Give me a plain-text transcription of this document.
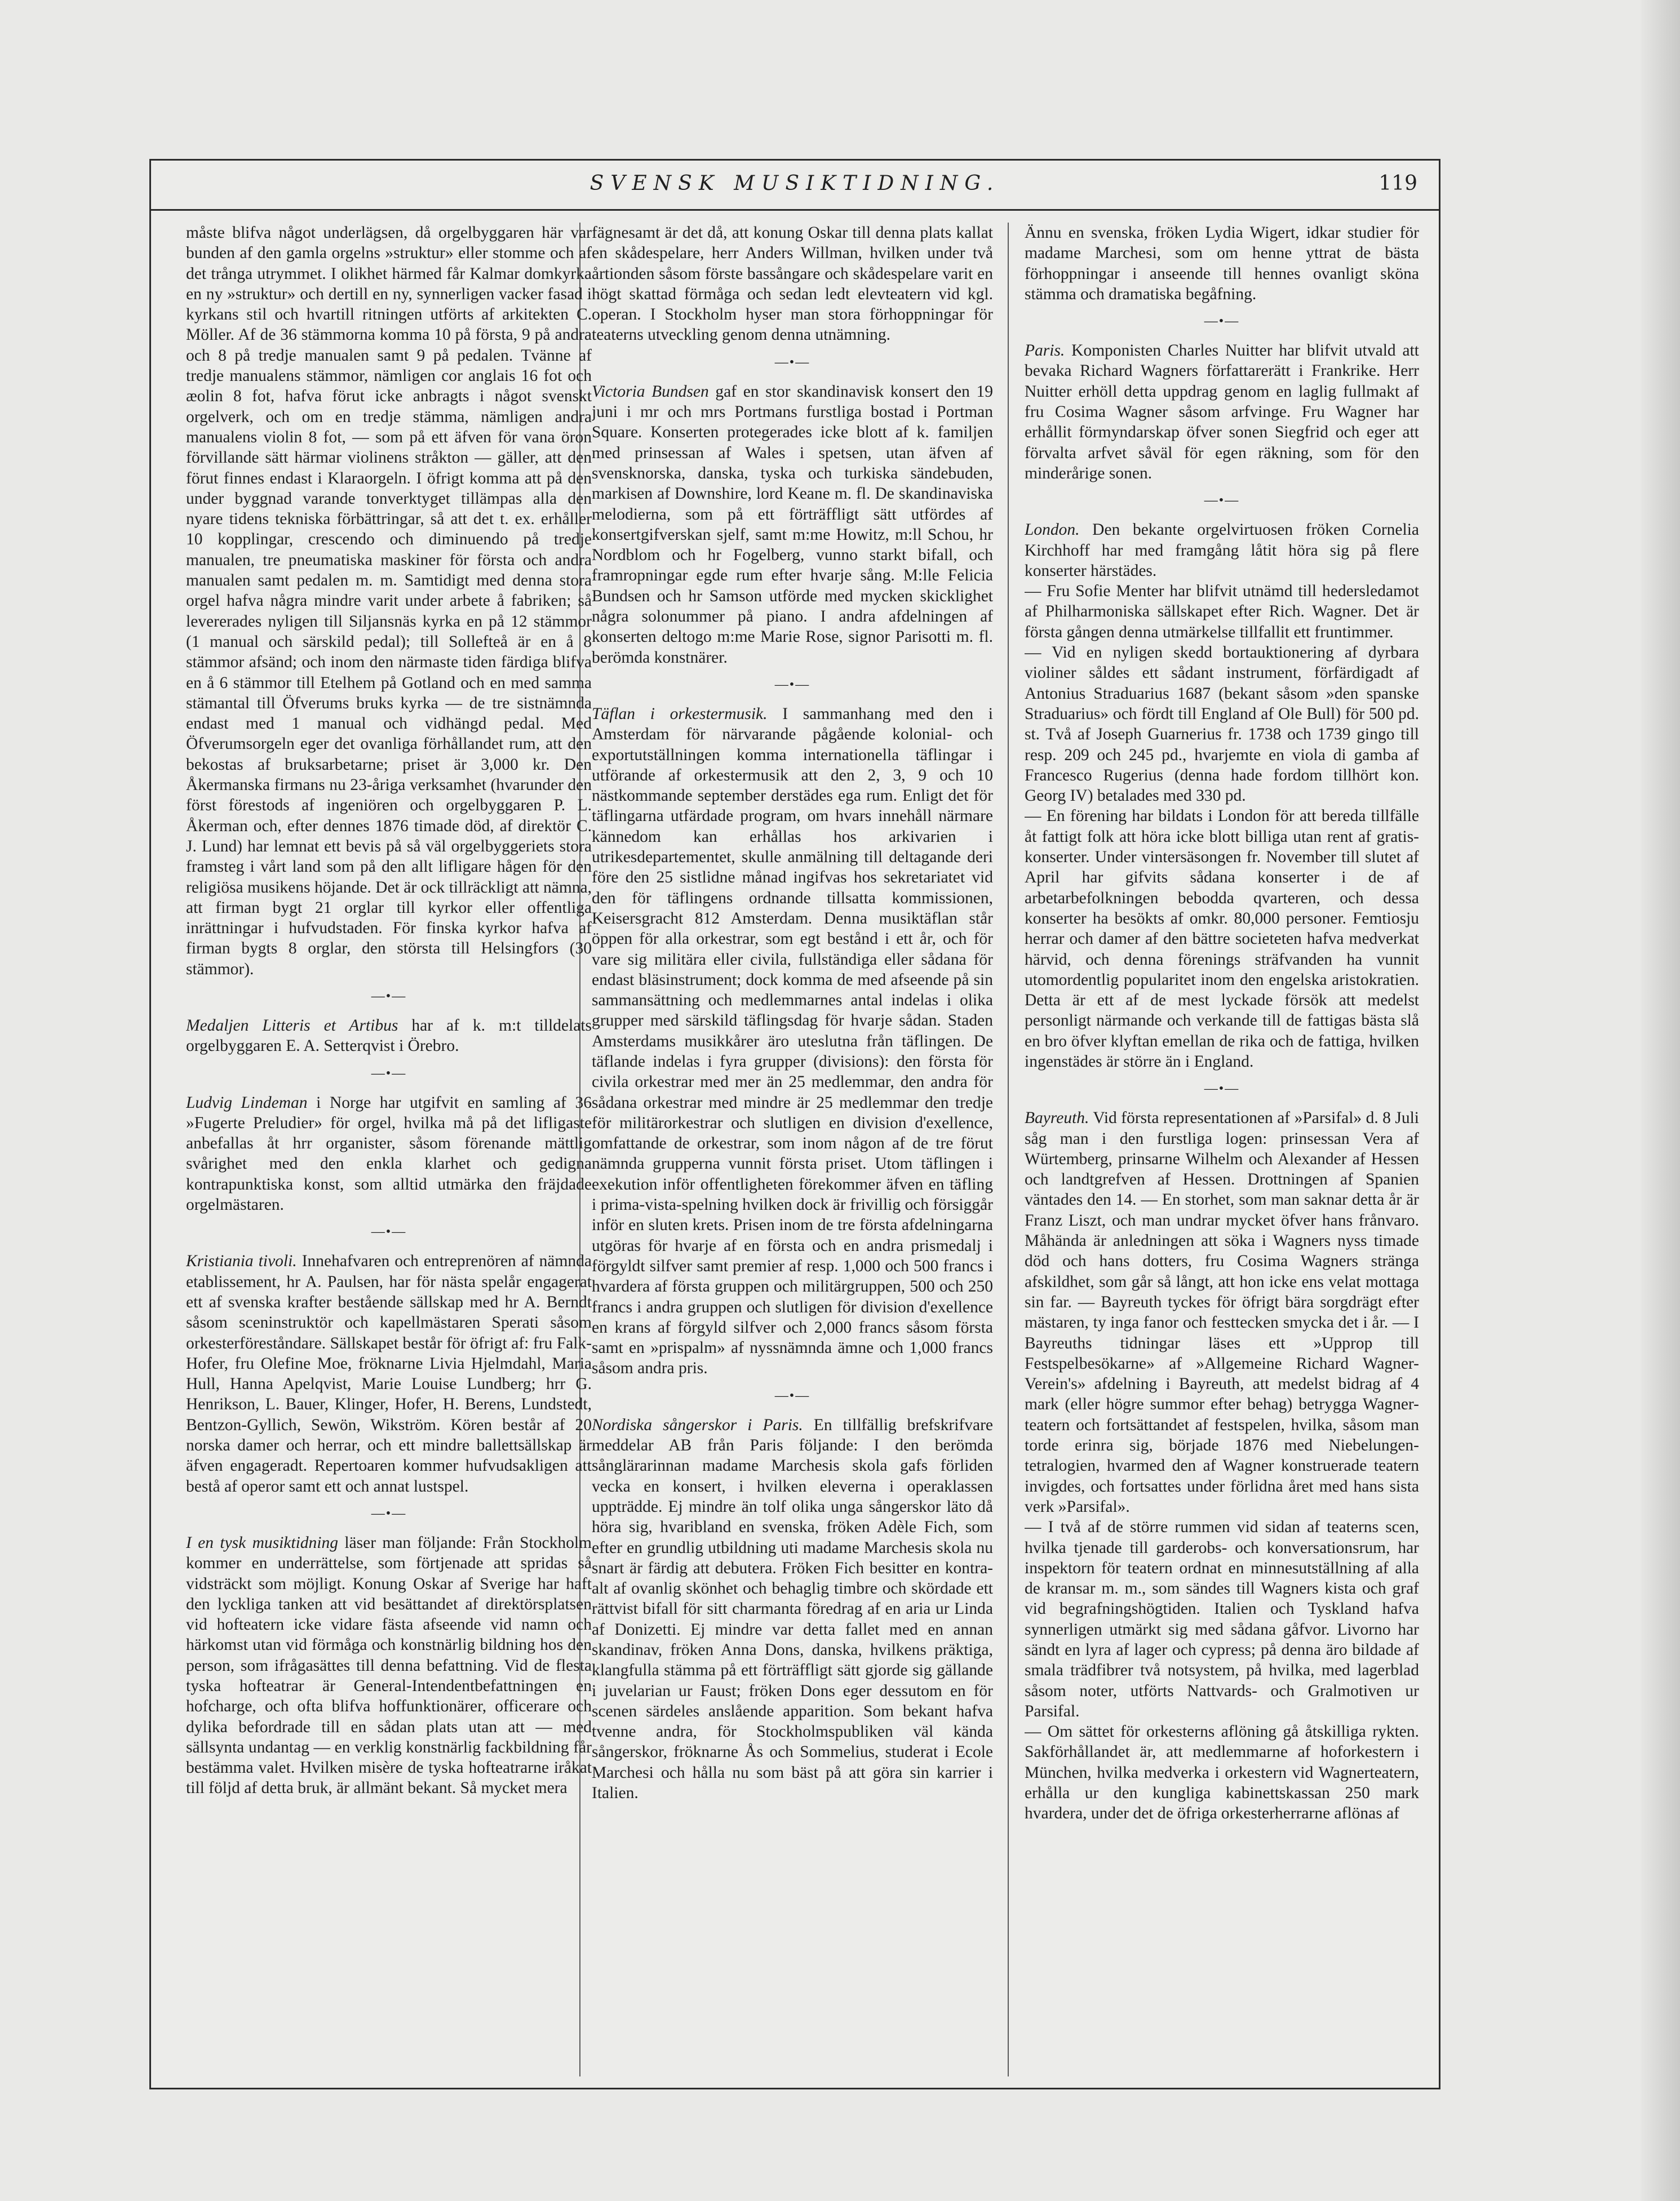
SVENSK MUSIKTIDNING.	119

måste blifva något underlägsen, då orgelbyggaren här var bunden af den gamla orgelns »struktur» eller stomme och af det trånga utrymmet. I olikhet härmed får Kalmar domkyrka en ny »struktur» och dertill en ny, synnerligen vacker fasad i kyrkans stil och hvartill ritningen utförts af arkitekten C. Möller. Af de 36 stämmorna komma 10 på första, 9 på andra och 8 på tredje manualen samt 9 på pedalen. Tvänne af tredje manualens stämmor, nämligen cor anglais 16 fot och æolin 8 fot, hafva förut icke anbragts i något svenskt orgelverk, och om en tredje stämma, nämligen andra manualens violin 8 fot, — som på ett äfven för vana öron förvillande sätt härmar violinens stråkton — gäller, att den förut finnes endast i Klaraorgeln. I öfrigt komma att på den under byggnad varande tonverktyget tillämpas alla den nyare tidens tekniska förbättringar, så att det t. ex. erhåller 10 kopplingar, crescendo och diminuendo på tredje manualen, tre pneumatiska maskiner för första och andra manualen samt pedalen m. m. Samtidigt med denna stora orgel hafva några mindre varit under arbete å fabriken; så levererades nyligen till Siljansnäs kyrka en på 12 stämmor (1 manual och särskild pedal); till Sollefteå är en å 8 stämmor afsänd; och inom den närmaste tiden färdiga blifva en å 6 stämmor till Etelhem på Gotland och en med samma stämantal till Öfverums bruks kyrka — de tre sistnämnda endast med 1 manual och vidhängd pedal. Med Öfverumsorgeln eger det ovanliga förhållandet rum, att den bekostas af bruksarbetarne; priset är 3,000 kr. Den Åkermanska firmans nu 23-åriga verksamhet (hvarunder den först förestods af ingeniören och orgelbyggaren P. L. Åkerman och, efter dennes 1876 timade död, af direktör C. J. Lund) har lemnat ett bevis på så väl orgelbyggeriets stora framsteg i vårt land som på den allt lifligare hågen för den religiösa musikens höjande. Det är ock tillräckligt att nämna, att firman bygt 21 orglar till kyrkor eller offentliga inrättningar i hufvudstaden. För finska kyrkor hafva af firman bygts 8 orglar, den största till Helsingfors (30 stämmor).

—•—

Medaljen Litteris et Artibus har af k. m:t tilldelats orgelbyggaren E. A. Setterqvist i Örebro.

—•—

Ludvig Lindeman i Norge har utgifvit en samling af 36 »Fugerte Preludier» för orgel, hvilka må på det lifligaste anbefallas åt hrr organister, såsom förenande mättlig svårighet med den enkla klarhet och gedigna kontrapunktiska konst, som alltid utmärka den fräjdade orgelmästaren.

—•—

Kristiania tivoli. Innehafvaren och entreprenören af nämnda etablissement, hr A. Paulsen, har för nästa spelår engagerat ett af svenska krafter bestående sällskap med hr A. Berndt såsom sceninstruktör och kapellmästaren Sperati såsom orkesterföreståndare. Sällskapet består för öfrigt af: fru Falk-Hofer, fru Olefine Moe, fröknarne Livia Hjelmdahl, Maria Hull, Hanna Apelqvist, Marie Louise Lundberg; hrr G. Henrikson, L. Bauer, Klinger, Hofer, H. Berens, Lundstedt, Bentzon-Gyllich, Sewön, Wikström. Kören består af 20 norska damer och herrar, och ett mindre ballettsällskap är äfven engageradt. Repertoaren kommer hufvudsakligen att bestå af operor samt ett och annat lustspel.

—•—

I en tysk musiktidning läser man följande: Från Stockholm kommer en underrättelse, som förtjenade att spridas så vidsträckt som möjligt. Konung Oskar af Sverige har haft den lyckliga tanken att vid besättandet af direktörsplatsen vid hofteatern icke vidare fästa afseende vid namn och härkomst utan vid förmåga och konstnärlig bildning hos den person, som ifrågasättes till denna befattning. Vid de flesta tyska hofteatrar är General-Intendentbefattningen en hofcharge, och ofta blifva hoffunktionärer, officerare och dylika befordrade till en sådan plats utan att — med sällsynta undantag — en verklig konstnärlig fackbildning får bestämma valet. Hvilken misère de tyska hofteatrarne iråkat till följd af detta bruk, är allmänt bekant. Så mycket mera

fägnesamt är det då, att konung Oskar till denna plats kallat en skådespelare, herr Anders Willman, hvilken under två årtionden såsom förste bassångare och skådespelare varit en högt skattad förmåga och sedan ledt elevteatern vid kgl. operan. I Stockholm hyser man stora förhoppningar för teaterns utveckling genom denna utnämning.

—•—

Victoria Bundsen gaf en stor skandinavisk konsert den 19 juni i mr och mrs Portmans furstliga bostad i Portman Square. Konserten protegerades icke blott af k. familjen med prinsessan af Wales i spetsen, utan äfven af svensknorska, danska, tyska och turkiska sändebuden, markisen af Downshire, lord Keane m. fl. De skandinaviska melodierna, som på ett förträffligt sätt utfördes af konsertgifverskan sjelf, samt m:me Howitz, m:ll Schou, hr Nordblom och hr Fogelberg, vunno starkt bifall, och framropningar egde rum efter hvarje sång. M:lle Felicia Bundsen och hr Samson utförde med mycken skicklighet några solonummer på piano. I andra afdelningen af konserten deltogo m:me Marie Rose, signor Parisotti m. fl. berömda konstnärer.

—•—

Täflan i orkestermusik. I sammanhang med den i Amsterdam för närvarande pågående kolonial- och exportutställningen komma internationella täflingar i utförande af orkestermusik att den 2, 3, 9 och 10 nästkommande september derstädes ega rum. Enligt det för täflingarna utfärdade program, om hvars innehåll närmare kännedom kan erhållas hos arkivarien i utrikesdepartementet, skulle anmälning till deltagande deri före den 25 sistlidne månad ingifvas hos sekretariatet vid den för täflingens ordnande tillsatta kommissionen, Keisersgracht 812 Amsterdam. Denna musiktäflan står öppen för alla orkestrar, som egt bestånd i ett år, och för vare sig militära eller civila, fullständiga eller sådana för endast bläsinstrument; dock komma de med afseende på sin sammansättning och medlemmarnes antal indelas i olika grupper med särskild täflingsdag för hvarje sådan. Staden Amsterdams musikkårer äro uteslutna från täflingen. De täflande indelas i fyra grupper (divisions): den första för civila orkestrar med mer än 25 medlemmar, den andra för sådana orkestrar med mindre är 25 medlemmar den tredje för militärorkestrar och slutligen en division d'exellence, omfattande de orkestrar, som inom någon af de tre förut nämnda grupperna vunnit första priset. Utom täflingen i exekution inför offentligheten förekommer äfven en täfling i prima-vista-spelning hvilken dock är frivillig och försiggår inför en sluten krets. Prisen inom de tre första afdelningarna utgöras för hvarje af en första och en andra prismedalj i förgyldt silfver samt premier af resp. 1,000 och 500 francs i hvardera af första gruppen och militärgruppen, 500 och 250 francs i andra gruppen och slutligen för division d'exellence en krans af förgyld silfver och 2,000 francs såsom första samt en »prispalm» af nyssnämnda ämne och 1,000 francs såsom andra pris.

—•—

Nordiska sångerskor i Paris. En tillfällig brefskrifvare meddelar AB från Paris följande: I den berömda sånglärarinnan madame Marchesis skola gafs förliden vecka en konsert, i hvilken eleverna i operaklassen uppträdde. Ej mindre än tolf olika unga sångerskor läto då höra sig, hvaribland en svenska, fröken Adèle Fich, som efter en grundlig utbildning uti madame Marchesis skola nu snart är färdig att debutera. Fröken Fich besitter en kontra-alt af ovanlig skönhet och behaglig timbre och skördade ett rättvist bifall för sitt charmanta föredrag af en aria ur Linda af Donizetti. Ej mindre var detta fallet med en annan skandinav, fröken Anna Dons, danska, hvilkens präktiga, klangfulla stämma på ett förträffligt sätt gjorde sig gällande i juvelarian ur Faust; fröken Dons eger dessutom en för scenen särdeles anslående apparition. Som bekant hafva tvenne andra, för Stockholmspubliken väl kända sångerskor, fröknarne Ås och Sommelius, studerat i Ecole Marchesi och hålla nu som bäst på att göra sin karrier i Italien.

Ännu en svenska, fröken Lydia Wigert, idkar studier för madame Marchesi, som om henne yttrat de bästa förhoppningar i anseende till hennes ovanligt sköna stämma och dramatiska begåfning.

—•—

Paris. Komponisten Charles Nuitter har blifvit utvald att bevaka Richard Wagners författarerätt i Frankrike. Herr Nuitter erhöll detta uppdrag genom en laglig fullmakt af fru Cosima Wagner såsom arfvinge. Fru Wagner har erhållit förmyndarskap öfver sonen Siegfrid och eger att förvalta arfvet såväl för egen räkning, som för den minderårige sonen.

—•—

London. Den bekante orgelvirtuosen fröken Cornelia Kirchhoff har med framgång låtit höra sig på flere konserter härstädes.

— Fru Sofie Menter har blifvit utnämd till hedersledamot af Philharmoniska sällskapet efter Rich. Wagner. Det är första gången denna utmärkelse tillfallit ett fruntimmer.

— Vid en nyligen skedd bortauktionering af dyrbara violiner såldes ett sådant instrument, förfärdigadt af Antonius Straduarius 1687 (bekant såsom »den spanske Straduarius» och fördt till England af Ole Bull) för 500 pd. st. Två af Joseph Guarnerius fr. 1738 och 1739 gingo till resp. 209 och 245 pd., hvarjemte en viola di gamba af Francesco Rugerius (denna hade fordom tillhört kon. Georg IV) betalades med 330 pd.

— En förening har bildats i London för att bereda tillfälle åt fattigt folk att höra icke blott billiga utan rent af gratis-konserter. Under vintersäsongen fr. November till slutet af April har gifvits sådana konserter i de af arbetarbefolkningen bebodda qvarteren, och dessa konserter ha besökts af omkr. 80,000 personer. Femtiosju herrar och damer af den bättre societeten hafva medverkat härvid, och denna förenings sträfvanden ha vunnit utomordentlig popularitet inom den engelska aristokratien. Detta är ett af de mest lyckade försök att medelst personligt närmande och verkande till de fattigas bästa slå en bro öfver klyftan emellan de rika och de fattiga, hvilken ingenstädes är större än i England.

—•—

Bayreuth. Vid första representationen af »Parsifal» d. 8 Juli såg man i den furstliga logen: prinsessan Vera af Würtemberg, prinsarne Wilhelm och Alexander af Hessen och landtgrefven af Hessen. Drottningen af Spanien väntades den 14. — En storhet, som man saknar detta år är Franz Liszt, och man undrar mycket öfver hans frånvaro. Måhända är anledningen att söka i Wagners nyss timade död och hans dotters, fru Cosima Wagners stränga afskildhet, som går så långt, att hon icke ens velat mottaga sin far. — Bayreuth tyckes för öfrigt bära sorgdrägt efter mästaren, ty inga fanor och festtecken smycka det i år. — I Bayreuths tidningar läses ett »Upprop till Festspelbesökarne» af »Allgemeine Richard Wagner-Verein's» afdelning i Bayreuth, att medelst bidrag af 4 mark (eller högre summor efter behag) betrygga Wagner-teatern och fortsättandet af festspelen, hvilka, såsom man torde erinra sig, började 1876 med Niebelungen-tetralogien, hvarmed den af Wagner konstruerade teatern invigdes, och fortsattes under förlidna året med hans sista verk »Parsifal».

— I två af de större rummen vid sidan af teaterns scen, hvilka tjenade till garderobs- och konversationsrum, har inspektorn för teatern ordnat en minnesutställning af alla de kransar m. m., som sändes till Wagners kista och graf vid begrafningshögtiden. Italien och Tyskland hafva synnerligen utmärkt sig med sådana gåfvor. Livorno har sändt en lyra af lager och cypress; på denna äro bildade af smala trädfibrer två notsystem, på hvilka, med lagerblad såsom noter, utförts Nattvards- och Gralmotiven ur Parsifal.

— Om sättet för orkesterns aflöning gå åtskilliga rykten. Sakförhållandet är, att medlemmarne af hoforkestern i München, hvilka medverka i orkestern vid Wagnerteatern, erhålla ur den kungliga kabinettskassan 250 mark hvardera, under det de öfriga orkesterherrarne aflönas af
